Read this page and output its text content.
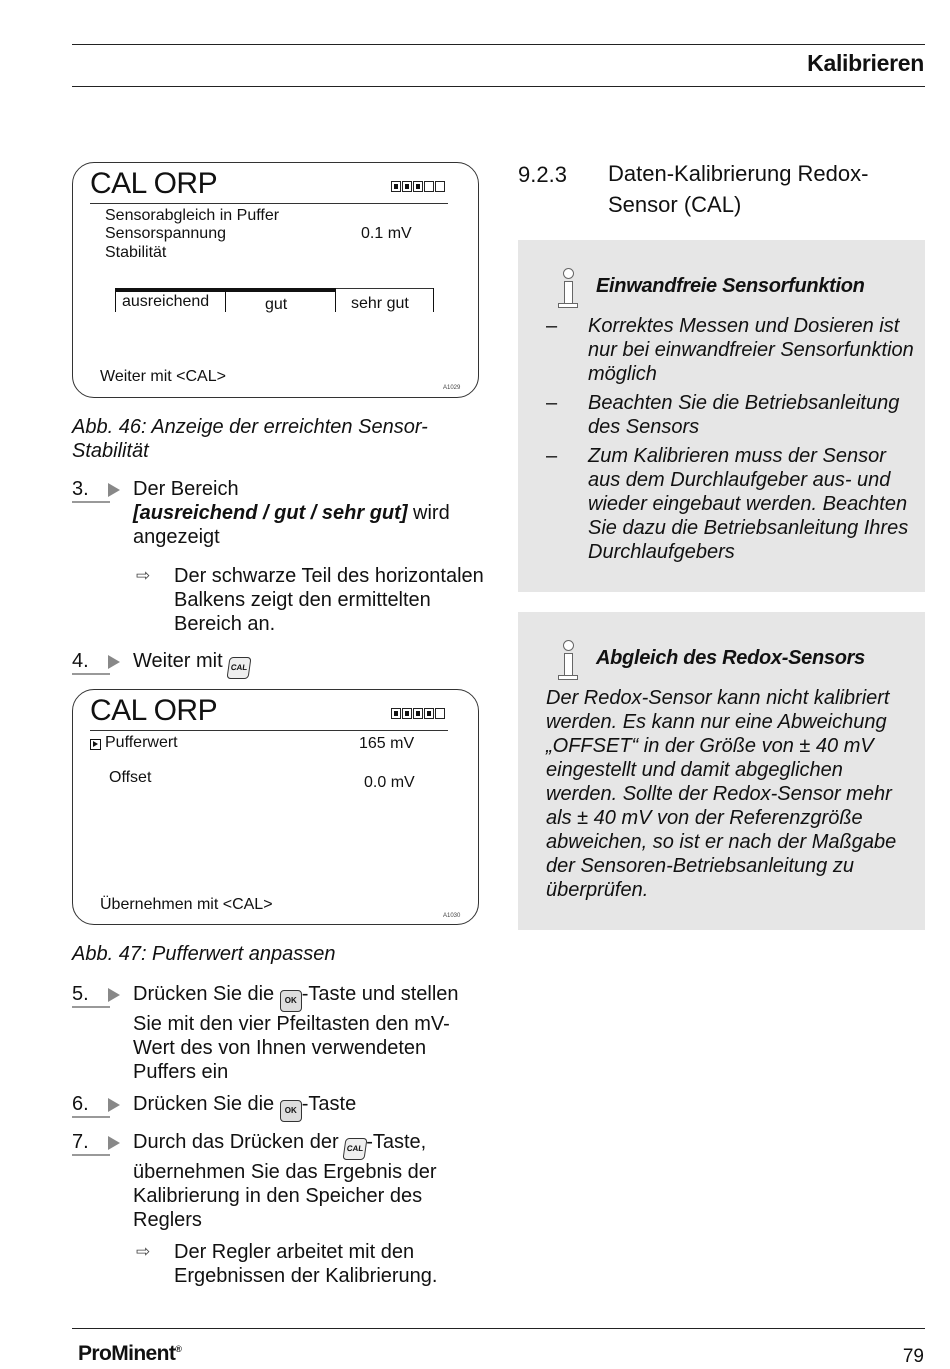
Kalibrieren
CAL ORP
Sensorabgleich in Puffer
Sensorspannung	0.1 mV
Stabilität
ausreichend	gut	sehr gut
Weiter mit <CAL>
A1029
Abb. 46: Anzeige der erreichten Sensor-Stabilität
3.	Der Bereich
[ausreichend / gut / sehr gut] wird angezeigt
⇨ Der schwarze Teil des horizontalen Balkens zeigt den ermittelten Bereich an.
4.	Weiter mit CAL
CAL ORP
Pufferwert	165 mV
Offset	0.0 mV
Übernehmen mit <CAL>
A1030
Abb. 47: Pufferwert anpassen
5.	Drücken Sie die OK -Taste und stellen Sie mit den vier Pfeiltasten den mV-Wert des von Ihnen verwendeten Puffers ein
6.	Drücken Sie die OK -Taste
7.	Durch das Drücken der CAL -Taste, übernehmen Sie das Ergebnis der Kalibrierung in den Speicher des Reglers
⇨ Der Regler arbeitet mit den Ergebnissen der Kalibrierung.
9.2.3 Daten-Kalibrierung Redox-Sensor (CAL)
Einwandfreie Sensorfunktion
– Korrektes Messen und Dosieren ist nur bei einwandfreier Sensorfunktion möglich
– Beachten Sie die Betriebsanleitung des Sensors
– Zum Kalibrieren muss der Sensor aus dem Durchlaufgeber aus- und wieder eingebaut werden. Beachten Sie dazu die Betriebsanleitung Ihres Durchlaufgebers
Abgleich des Redox-Sensors
Der Redox-Sensor kann nicht kalibriert werden. Es kann nur eine Abweichung „OFFSET“ in der Größe von ± 40 mV eingestellt und damit abgeglichen werden. Sollte der Redox-Sensor mehr als ± 40 mV von der Referenzgröße abweichen, so ist er nach der Maßgabe der Sensoren-Betriebsanleitung zu überprüfen.
ProMinent®	79
